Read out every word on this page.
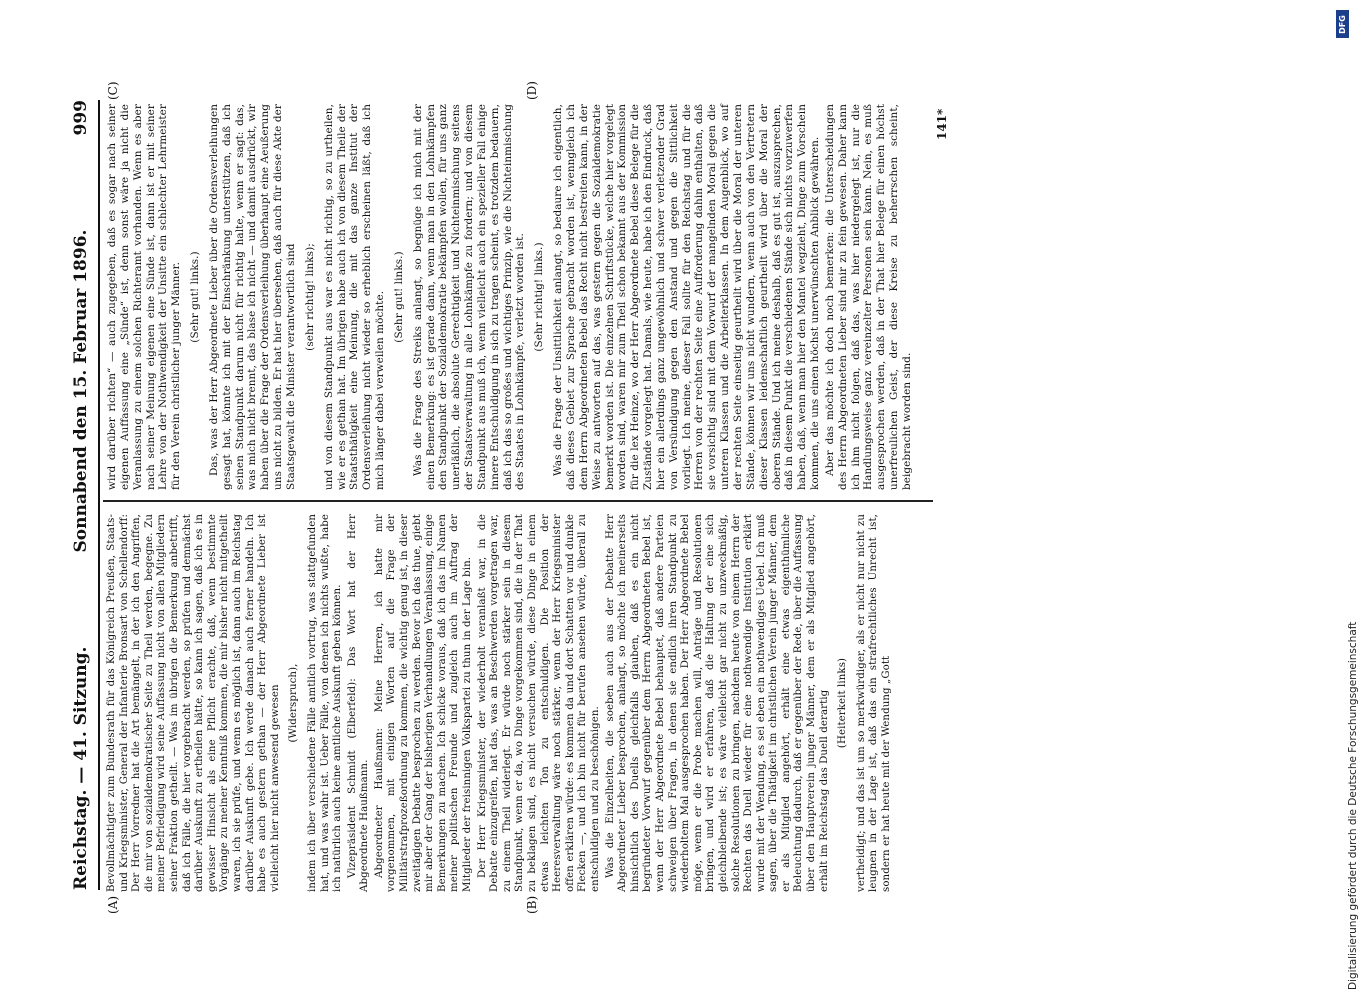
Reichstag. — 41. Sitzung.
Sonnabend den 15. Februar 1896.
999

Bevollmächtigter zum Bundesrath für das Königreich Preußen, Staats- und Kriegsminister, General der Infanterie Bronsart von Schellendorff: Der Herr Vorredner hat die Art bemängelt, in der ich den Angriffen, die mir von sozialdemokratischer Seite zu Theil werden, begegne. Zu meiner Befriedigung wird seine Auffassung nicht von allen Mitgliedern seiner Fraktion getheilt. — Was im übrigen die Bemerkung anbetrifft, daß ich Fälle, die hier vorgebracht werden, so prüfen und demnächst darüber Auskunft zu ertheilen hätte, so kann ich sagen, daß ich es in gewisser Hinsicht als eine Pflicht erachte, daß, wenn bestimmte Vorgänge zu meiner Kenntniß kommen, die mir bisher nicht mitgetheilt waren, ich sie prüfe, und wenn es möglich ist, dann auch im Reichstag darüber Auskunft gebe. Ich werde danach auch ferner handeln. Ich habe es auch gestern gethan — der Herr Abgeordnete Lieber ist vielleicht hier nicht anwesend gewesen (Widerspruch), indem ich über verschiedene Fälle amtlich vortrug, was stattgefunden hat, und was wahr ist. Ueber Fälle, von denen ich nichts wußte, habe ich natürlich auch keine amtliche Auskunft geben können. Vizepräsident Schmidt (Elberfeld): Das Wort hat der Herr Abgeordnete Haußmann. Abgeordneter Haußmann: Meine Herren, ich hatte mir vorgenommen, mit einigen Worten auf die Frage der Militärstrafprozeßordnung zu kommen, die wichtig genug ist, in dieser zweitägigen Debatte besprochen zu werden. Bevor ich das thue, giebt mir aber der Gang der bisherigen Verhandlungen Veranlassung, einige Bemerkungen zu machen. Ich schicke voraus, daß ich das im Namen meiner politischen Freunde und zugleich auch im Auftrag der Mitglieder der freisinnigen Volkspartei zu thun in der Lage bin. Der Herr Kriegsminister, der wiederholt veranlaßt war, in die Debatte einzugreifen, hat das, was an Beschwerden vorgetragen war, zu einem Theil widerlegt. Er würde noch stärker sein in diesem Standpunkt, wenn er da, wo Dinge vorgekommen sind, die in der That zu beklagen sind, es nicht versuchen würde, diese Dinge in einem etwas leichten Ton zu entschuldigen. Die Position der Heeresverwaltung wäre noch stärker, wenn der Herr Kriegsminister offen erklären würde: es kommen da und dort Schatten vor und dunkle Flecken —, und ich bin nicht für berufen ansehen würde, überall zu entschuldigen und zu beschönigen. Was die Einzelheiten, die soeben auch aus der Debatte Herr Abgeordneter Lieber besprochen, anlangt, so möchte ich meinerseits hinsichtlich des Duells gleichfalls glauben, daß es ein nicht begründeter Vorwurf gegenüber dem Herrn Abgeordneten Bebel ist, wenn der Herr Abgeordnete Bebel behauptet, daß andere Parteien schweigen über Fragen, in denen sie endlich ihren Standpunkt zu wiederholtem Mal ausgesprochen haben. Der Herr Abgeordnete Bebel möge, wenn er die Probe machen will, Anträge und Resolutionen bringen, und wird er erfahren, daß die Haltung der eine sich gleichbleibende ist; es wäre vielleicht gar nicht zu unzweckmäßig, solche Resolutionen zu bringen, nachdem heute von einem Herrn der Rechten das Duell wieder für eine nothwendige Institution erklärt wurde mit der Wendung, es sei eben ein nothwendiges Uebel. Ich muß sagen, über die Thätigkeit im christlichen Verein junger Männer, dem er als Mitglied angehört, erhält eine etwas eigenthümliche Beleuchtung dadurch, daß er gegenüber der Rede, über die Auffassung über den Hauptverein junger Männer, dem er als Mitglied angehört, erhält im Reichstag das Duell derartig (Heiterkeit links) vertheidigt; und das ist um so merkwürdiger, als er nicht nur nicht zu leugnen in der Lage ist, daß das ein strafrechtliches Unrecht ist, sondern er hat heute mit der Wendung „Gott

wird darüber richten“ — auch zugegeben, daß es sogar nach seiner eigenen Auffassung eine „Sünde“ ist, denn sonst wäre ja nicht die Veranlassung zu einem solchen Richteramt vorhanden. Wenn es aber nach seiner Meinung eigenen eine Sünde ist, dann ist er mit seiner Lehre von der Nothwendigkeit der Unsitte ein schlechter Lehrmeister für den Verein christlicher junger Männer. (Sehr gut! links.) Das, was der Herr Abgeordnete Lieber über die Ordensverleihungen gesagt hat, könnte ich mit der Einschränkung unterstützen, daß ich seinen Standpunkt darum nicht für richtig halte, wenn er sagt: das, was mich nicht brennt, das blase ich nicht — und damit ausdrückt, wir haben über die Frage der Ordensverleihung überhaupt eine Aeußerung uns nicht zu bilden. Er hat hier übersehen, daß auch für diese Akte der Staatsgewalt die Minister verantwortlich sind (sehr richtig! links); und von diesem Standpunkt aus war es nicht richtig, so zu urtheilen, wie er es gethan hat. Im übrigen habe auch ich von diesem Theile der Staatsthätigkeit eine Meinung, die mit das ganze Institut der Ordensverleihung nicht wieder so erheblich erscheinen läßt, daß ich mich länger dabei verweilen möchte. (Sehr gut! links.) Was die Frage des Streiks anlangt, so begnüge ich mich mit der einen Bemerkung: es ist gerade dann, wenn man in den Lohnkämpfen den Standpunkt der Sozialdemokratie bekämpfen wollen, für uns ganz unerläßlich, die absolute Gerechtigkeit und Nichteinmischung seitens der Staatsverwaltung in alle Lohnkämpfe zu fordern; und von diesem Standpunkt aus muß ich, wenn vielleicht auch ein spezieller Fall einige innere Entschuldigung in sich zu tragen scheint, es trotzdem bedauern, daß ich das so großes und wichtiges Prinzip, wie die Nichteinmischung des Staates in Lohnkämpfe, verletzt worden ist. (Sehr richtig! links.) Was die Frage der Unsittlichkeit anlangt, so bedaure ich eigentlich, daß dieses Gebiet zur Sprache gebracht worden ist, wenngleich ich dem Herrn Abgeordneten Bebel das Recht nicht bestreiten kann, in der Weise zu antworten auf das, was gestern gegen die Sozialdemokratie bemerkt worden ist. Die einzelnen Schriftstücke, welche hier vorgelegt worden sind, waren mir zum Theil schon bekannt aus der Kommission für die lex Heinze, wo der Herr Abgeordnete Bebel diese Belege für die Zustände vorgelegt hat. Damals, wie heute, habe ich den Eindruck, daß hier ein allerdings ganz ungewöhnlich und schwer verletzender Grad von Versündigung gegen den Anstand und gegen die Sittlichkeit vorliegt. Ich meine, dieser Fall sollte für den Reichstag und für die Herren von der rechten Seite eine Aufforderung dahin enthalten, daß sie vorsichtig sind mit dem Vorwurf der mangelnden Moral gegen die unteren Klassen und die Arbeiterklassen. In dem Augenblick, wo auf der rechten Seite einseitig geurtheilt wird über die Moral der unteren Stände, können wir uns nicht wundern, wenn auch von den Vertretern dieser Klassen leidenschaftlich geurtheilt wird über die Moral der oberen Stände. Und ich meine deshalb, daß es gut ist, auszusprechen, daß in diesem Punkt die verschiedenen Stände sich nichts vorzuwerfen haben, daß, wenn man hier den Mantel wegzieht, Dinge zum Vorschein kommen, die uns einen höchst unerwünschten Anblick gewähren. Aber das möchte ich doch noch bemerken: die Unterscheidungen des Herrn Abgeordneten Lieber sind mir zu fein gewesen. Daher kann ich ihm nicht folgen, daß das, was hier niedergelegt ist, nur die Handlungsweise ganz vereinzelter Personen sein kann. Nein, es muß ausgesprochen werden, daß in der That hier Belege für einen höchst unerfreulichen Geist, der diese Kreise zu beherrschen scheint, beigebracht worden sind.

(A)	(B)
(C)	(D)
141*
Digitalisierung gefördert durch die Deutsche Forschungsgemeinschaft
DFG
